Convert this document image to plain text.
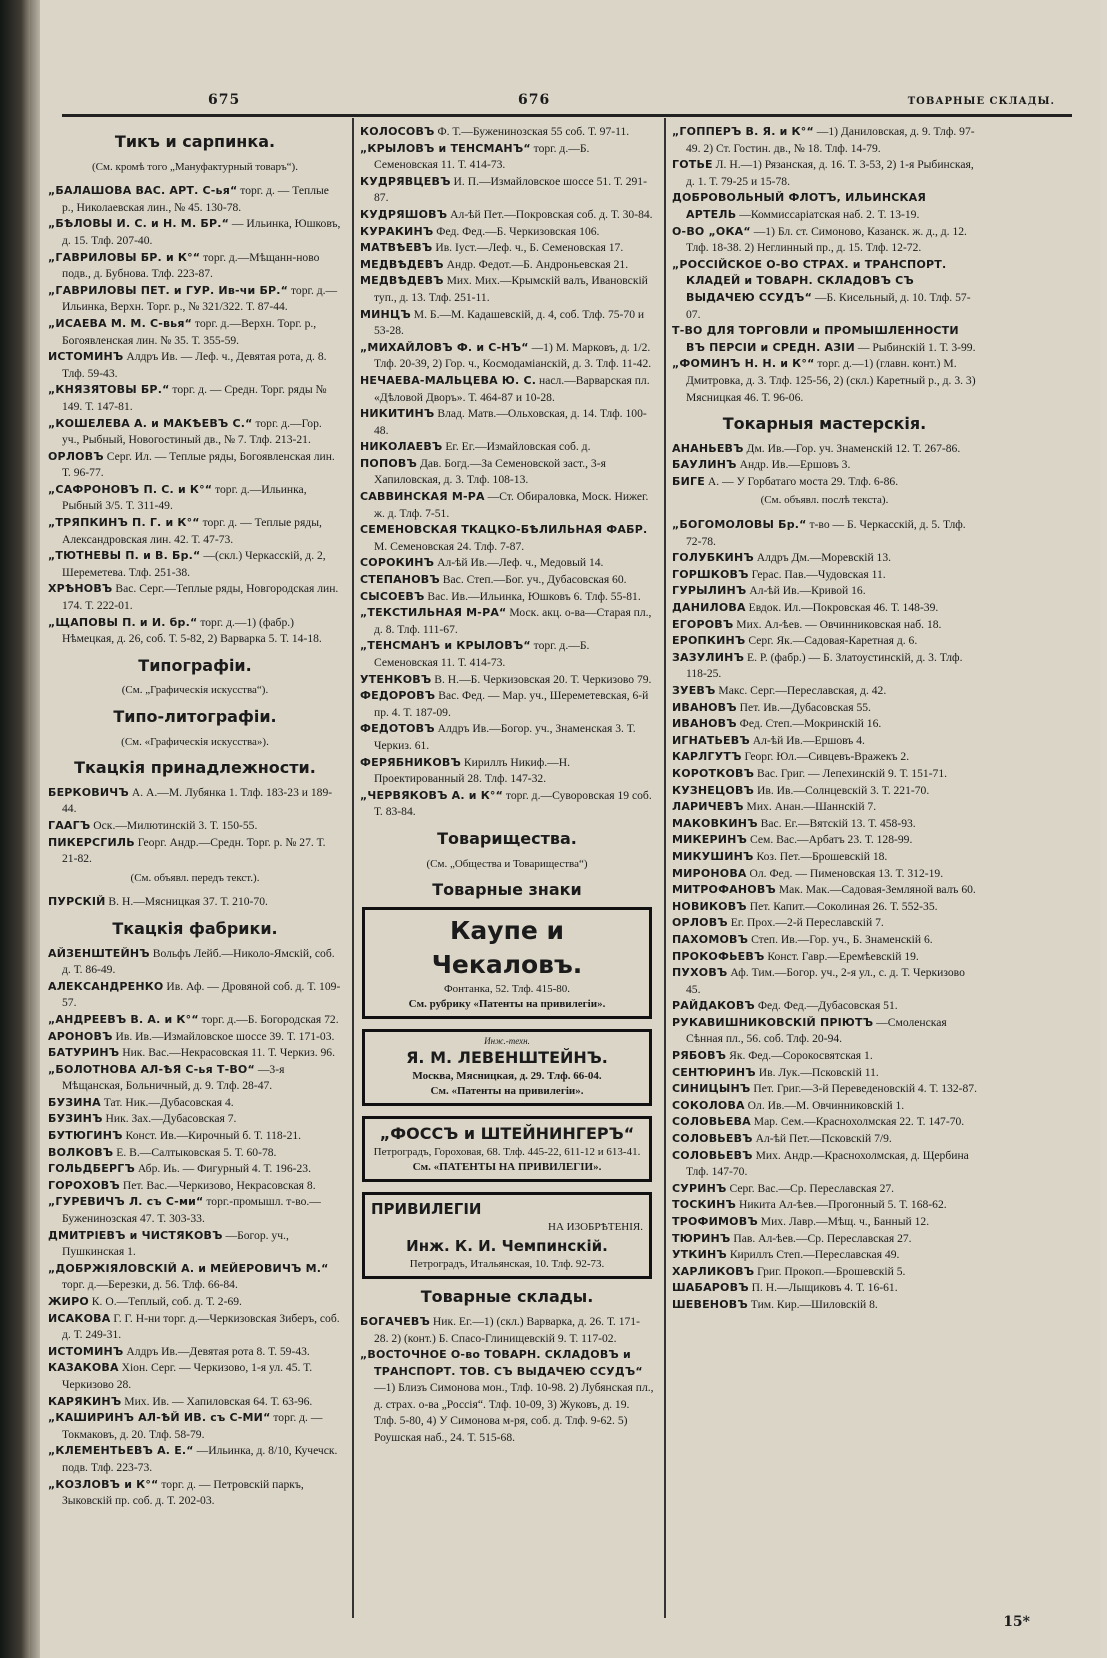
675	676	ТОВАРНЫЕ СКЛАДЫ.
Тикъ и сарпинка.
(См. кромѣ того „Мануфактурный товаръ“).

„БАЛАШОВА ВАС. АРТ. С-ья“ торг. д. — Теплые р., Николаевская лин., № 45. 130-78.

„БѢЛОВЫ И. С. и Н. М. БР.“ — Ильинка, Юшковъ, д. 15. Тлф. 207-40.

„ГАВРИЛОВЫ БР. и К°“ торг. д.—Мѣщанн-ново подв., д. Бубнова. Тлф. 223-87.

„ГАВРИЛОВЫ ПЕТ. и ГУР. Ив-чи БР.“ торг. д.—Ильинка, Верхн. Торг. р., № 321/322. Т. 87-44.

„ИСАЕВА М. М. С-вья“ торг. д.—Верхн. Торг. р., Богоявленская лин. № 35. Т. 355-59.

ИСТОМИНЪ Алдръ Ив. — Леф. ч., Девятая рота, д. 8. Тлф. 59-43.

„КНЯЗЯТОВЫ БР.“ торг. д. — Средн. Торг. ряды № 149. Т. 147-81.

„КОШЕЛЕВА А. и МАКѢЕВЪ С.“ торг. д.—Гор. уч., Рыбный, Новогостиный дв., № 7. Тлф. 213-21.

ОРЛОВЪ Серг. Ил. — Теплые ряды, Богоявленская лин. Т. 96-77.

„САФРОНОВЪ П. С. и К°“ торг. д.—Ильинка, Рыбный 3/5. Т. 311-49.

„ТРЯПКИНЪ П. Г. и К°“ торг. д. — Теплые ряды, Александровская лин. 42. Т. 47-73.

„ТЮТНЕВЫ П. и В. Бр.“ —(скл.) Черкасскій, д. 2, Шереметева. Тлф. 251-38.

ХРѢНОВЪ Вас. Серг.—Теплые ряды, Новгородская лин. 174. Т. 222-01.

„ЩАПОВЫ П. и И. бр.“ торг. д.—1) (фабр.) Нѣмецкая, д. 26, соб. Т. 5-82, 2) Варварка 5. Т. 14-18.

Типографіи.
(См. „Графическія искусства“).
Типо-литографіи.
(См. «Графическія искусства»).
Ткацкія принадлежности.

БЕРКОВИЧЪ А. А.—М. Лубянка 1. Тлф. 183-23 и 189-44.

ГААГЪ Оск.—Милютинскій 3. Т. 150-55.

ПИКЕРСГИЛЬ Георг. Андр.—Средн. Торг. р. № 27. Т. 21-82.

(См. объявл. передъ текст.).

ПУРСКІЙ В. Н.—Мясницкая 37. Т. 210-70.

Ткацкія фабрики.

АЙЗЕНШТЕЙНЪ Вольфъ Лейб.—Николо-Ямскій, соб. д. Т. 86-49.

АЛЕКСАНДРЕНКО Ив. Аф. — Дровяной соб. д. Т. 109-57.

„АНДРЕЕВЪ В. А. и К°“ торг. д.—Б. Богородская 72.

АРОНОВЪ Ив. Ив.—Измайловское шоссе 39. Т. 171-03.

БАТУРИНЪ Ник. Вас.—Некрасовская 11. Т. Черкиз. 96.

„БОЛОТНОВА АЛ-ѢЯ С-ья Т-ВО“ —3-я Мѣщанская, Больничный, д. 9. Тлф. 28-47.

БУЗИНА Тат. Ник.—Дубасовская 4.

БУЗИНЪ Ник. Зах.—Дубасовская 7.

БУТЮГИНЪ Конст. Ив.—Кирочный б. Т. 118-21.

ВОЛКОВЪ Е. В.—Салтыковская 5. Т. 60-78.

ГОЛЬДБЕРГЪ Абр. Иь. — Фигурный 4. Т. 196-23.

ГОРОХОВЪ Пет. Вас.—Черкизово, Некрасовская 8.

„ГУРЕВИЧЪ Л. съ С-ми“ торг.-промышл. т-во.—Буженинозская 47. Т. 303-33.

ДМИТРІЕВЪ и ЧИСТЯКОВЪ —Богор. уч., Пушкинская 1.

„ДОБРЖІЯЛОВСКІЙ А. и МЕЙЕРОВИЧЪ М.“ торг. д.—Березки, д. 56. Тлф. 66-84.

ЖИРО К. О.—Теплый, соб. д. Т. 2-69.

ИСАКОВА Г. Г. Н-ни торг. д.—Черкизовская Зиберъ, соб. д. Т. 249-31.

ИСТОМИНЪ Алдръ Ив.—Девятая рота 8. Т. 59-43.

КАЗАКОВА Хіон. Серг. — Черкизово, 1-я ул. 45. Т. Черкизово 28.

КАРЯКИНЪ Мих. Ив. — Хапиловская 64. Т. 63-96.

„КАШИРИНЪ АЛ-ѢЙ ИВ. съ С-МИ“ торг. д. — Токмаковъ, д. 20. Тлф. 58-79.

„КЛЕМЕНТЬЕВЪ А. Е.“ —Ильинка, д. 8/10, Кучечск. подв. Тлф. 223-73.

„КОЗЛОВЪ и К°“ торг. д. — Петровскій паркъ, Зыковскій пр. соб. д. Т. 202-03.

КОЛОСОВЪ Ф. Т.—Буженинозская 55 соб. Т. 97-11.

„КРЫЛОВЪ и ТЕНСМАНЪ“ торг. д.—Б. Семеновская 11. Т. 414-73.

КУДРЯВЦЕВЪ И. П.—Измайловское шоссе 51. Т. 291-87.

КУДРЯШОВЪ Ал-ѣй Пет.—Покровская соб. д. Т. 30-84.

КУРАКИНЪ Фед. Фед.—Б. Черкизовская 106.

МАТВѢЕВЪ Ив. Іуст.—Леф. ч., Б. Семеновская 17.

МЕДВѢДЕВЪ Андр. Федот.—Б. Андроньевская 21.

МЕДВѢДЕВЪ Мих. Мих.—Крымскій валъ, Ивановскій туп., д. 13. Тлф. 251-11.

МИНЦЪ М. Б.—М. Кадашевскій, д. 4, соб. Тлф. 75-70 и 53-28.

„МИХАЙЛОВЪ Ф. и С-НЪ“ —1) М. Марковъ, д. 1/2. Тлф. 20-39, 2) Гор. ч., Космодаміанскій, д. 3. Тлф. 11-42.

НЕЧАЕВА-МАЛЬЦЕВА Ю. С. насл.—Варварская пл. «Дѣловой Дворъ». Т. 464-87 и 10-28.

НИКИТИНЪ Влад. Матв.—Ольховская, д. 14. Тлф. 100-48.

НИКОЛАЕВЪ Ег. Ег.—Измайловская соб. д.

ПОПОВЪ Дав. Богд.—За Семеновской заст., 3-я Хапиловская, д. 3. Тлф. 108-13.

САВВИНСКАЯ М-РА —Ст. Обираловка, Моск. Нижег. ж. д. Тлф. 7-51.

СЕМЕНОВСКАЯ ТКАЦКО-БѢЛИЛЬНАЯ ФАБР. М. Семеновская 24. Тлф. 7-87.

СОРОКИНЪ Ал-ѣй Ив.—Леф. ч., Медовый 14.

СТЕПАНОВЪ Вас. Степ.—Бог. уч., Дубасовская 60.

СЫСОЕВЪ Вас. Ив.—Ильинка, Юшковъ 6. Тлф. 55-81.

„ТЕКСТИЛЬНАЯ М-РА“ Моск. акц. о-ва—Старая пл., д. 8. Тлф. 111-67.

„ТЕНСМАНЪ и КРЫЛОВЪ“ торг. д.—Б. Семеновская 11. Т. 414-73.

УТЕНКОВЪ В. Н.—Б. Черкизовская 20. Т. Черкизово 79.

ФЕДОРОВЪ Вас. Фед. — Мар. уч., Шереметевская, 6-й пр. 4. Т. 187-09.

ФЕДОТОВЪ Алдръ Ив.—Богор. уч., Знаменская 3. Т. Черкиз. 61.

ФЕРЯБНИКОВЪ Кириллъ Никиф.—Н. Проектированный 28. Тлф. 147-32.

„ЧЕРВЯКОВЪ А. и К°“ торг. д.—Суворовская 19 соб. Т. 83-84.

Товарищества.
(См. „Общества и Товарищества“)
Товарные знаки
Каупе и Чекаловъ.
Фонтанка, 52. Тлф. 415-80.
См. рубрику «Патенты на привилегіи».
Инж.-техн.
Я. М. ЛЕВЕНШТЕЙНЪ.
Москва, Мясницкая, д. 29. Тлф. 66-04.
См. «Патенты на привилегіи».
„ФОССЪ и ШТЕЙНИНГЕРЪ“
Петроградъ, Гороховая, 68. Тлф. 445-22, 611-12 и 613-41.
См. «ПАТЕНТЫ НА ПРИВИЛЕГІИ».
ПРИВИЛЕГІИ
НА ИЗОБРѢТЕНІЯ.
Инж. К. И. Чемпинскій.
Петроградъ, Итальянская, 10. Тлф. 92-73.
Товарные склады.

БОГАЧЕВЪ Ник. Ег.—1) (скл.) Варварка, д. 26. Т. 171-28. 2) (конт.) Б. Спасо-Глинищевскій 9. Т. 117-02.

„ВОСТОЧНОЕ О-во ТОВАРН. СКЛАДОВЪ и ТРАНСПОРТ. ТОВ. СЪ ВЫДАЧЕЮ ССУДЪ“ —1) Близъ Симонова мон., Тлф. 10-98. 2) Лубянская пл., д. страх. о-ва „Россія“. Тлф. 10-09, 3) Жуковъ, д. 19. Тлф. 5-80, 4) У Симонова м-ря, соб. д. Тлф. 9-62. 5) Роушская наб., 24. Т. 515-68.

„ГОППЕРЪ В. Я. и К°“ —1) Даниловская, д. 9. Тлф. 97-49. 2) Ст. Гостин. дв., № 18. Тлф. 14-79.

ГОТЬЕ Л. Н.—1) Рязанская, д. 16. Т. 3-53, 2) 1-я Рыбинская, д. 1. Т. 79-25 и 15-78.

ДОБРОВОЛЬНЫЙ ФЛОТЪ, ИЛЬИНСКАЯ АРТЕЛЬ —Коммиссаріатская наб. 2. Т. 13-19.

О-ВО „ОКА“ —1) Бл. ст. Симоново, Казанск. ж. д., д. 12. Тлф. 18-38. 2) Неглинный пр., д. 15. Тлф. 12-72.

„РОССІЙСКОЕ О-ВО СТРАХ. и ТРАНСПОРТ. КЛАДЕЙ и ТОВАРН. СКЛАДОВЪ СЪ ВЫДАЧЕЮ ССУДЪ“ —Б. Кисельный, д. 10. Тлф. 57-07.

Т-ВО ДЛЯ ТОРГОВЛИ и ПРОМЫШЛЕННОСТИ ВЪ ПЕРСІИ и СРЕДН. АЗІИ — Рыбинскій 1. Т. 3-99.

„ФОМИНЪ Н. Н. и К°“ торг. д.—1) (главн. конт.) М. Дмитровка, д. 3. Тлф. 125-56, 2) (скл.) Каретный р., д. 3. 3) Мясницкая 46. Т. 96-06.

Токарныя мастерскія.

АНАНЬЕВЪ Дм. Ив.—Гор. уч. Знаменскій 12. Т. 267-86.

БАУЛИНЪ Андр. Ив.—Ершовъ 3.

БИГЕ А. — У Горбатаго моста 29. Тлф. 6-86.

(См. объявл. послѣ текста).

„БОГОМОЛОВЫ Бр.“ т-во — Б. Черкасскій, д. 5. Тлф. 72-78.

ГОЛУБКИНЪ Алдръ Дм.—Моревскій 13.

ГОРШКОВЪ Герас. Пав.—Чудовская 11.

ГУРЫЛИНЪ Ал-ѣй Ив.—Кривой 16.

ДАНИЛОВА Евдок. Ил.—Покровская 46. Т. 148-39.

ЕГОРОВЪ Мих. Ал-ѣев. — Овчинниковская наб. 18.

ЕРОПКИНЪ Серг. Як.—Садовая-Каретная д. 6.

ЗАЗУЛИНЪ Е. Р. (фабр.) — Б. Златоустинскій, д. 3. Тлф. 118-25.

ЗУЕВЪ Макс. Серг.—Переславская, д. 42.

ИВАНОВЪ Пет. Ив.—Дубасовская 55.

ИВАНОВЪ Фед. Степ.—Мокринскій 16.

ИГНАТЬЕВЪ Ал-ѣй Ив.—Ершовъ 4.

КАРЛГУТЪ Георг. Юл.—Сивцевъ-Вражекъ 2.

КОРОТКОВЪ Вас. Григ. — Лепехинскій 9. Т. 151-71.

КУЗНЕЦОВЪ Ив. Ив.—Солнцевскій 3. Т. 221-70.

ЛАРИЧЕВЪ Мих. Анан.—Шаннскій 7.

МАКОВКИНЪ Вас. Ег.—Вятскій 13. Т. 458-93.

МИКЕРИНЪ Сем. Вас.—Арбатъ 23. Т. 128-99.

МИКУШИНЪ Коз. Пет.—Брошевскій 18.

МИРОНОВА Ол. Фед. — Пименовская 13. Т. 312-19.

МИТРОФАНОВЪ Мак. Мак.—Садовая-Земляной валъ 60.

НОВИКОВЪ Пет. Капит.—Соколиная 26. Т. 552-35.

ОРЛОВЪ Ег. Прох.—2-й Переславскій 7.

ПАХОМОВЪ Степ. Ив.—Гор. уч., Б. Знаменскій 6.

ПРОКОФЬЕВЪ Конст. Гавр.—Еремѣевскій 19.

ПУХОВЪ Аф. Тим.—Богор. уч., 2-я ул., с. д. Т. Черкизово 45.

РАЙДАКОВЪ Фед. Фед.—Дубасовская 51.

РУКАВИШНИКОВСКІЙ ПРІЮТЪ —Смоленская Сѣнная пл., 56. соб. Тлф. 20-94.

РЯБОВЪ Як. Фед.—Сорокосвятская 1.

СЕНТЮРИНЪ Ив. Лук.—Псковскій 11.

СИНИЦЫНЪ Пет. Григ.—3-й Переведеновскій 4. Т. 132-87.

СОКОЛОВА Ол. Ив.—М. Овчинниковскій 1.

СОЛОВЬЕВА Мар. Сем.—Краснохолмская 22. Т. 147-70.

СОЛОВЬЕВЪ Ал-ѣй Пет.—Псковскій 7/9.

СОЛОВЬЕВЪ Мих. Андр.—Краснохолмская, д. Щербина Тлф. 147-70.

СУРИНЪ Серг. Вас.—Ср. Переславская 27.

ТОСКИНЪ Никита Ал-ѣев.—Прогонный 5. Т. 168-62.

ТРОФИМОВЪ Мих. Лавр.—Мѣщ. ч., Банный 12.

ТЮРИНЪ Пав. Ал-ѣев.—Ср. Переславская 27.

УТКИНЪ Кириллъ Степ.—Переславская 49.

ХАРЛИКОВЪ Григ. Прокоп.—Брошевскій 5.

ШАБАРОВЪ П. Н.—Лыщиковъ 4. Т. 16-61.

ШЕВЕНОВЪ Тим. Кир.—Шиловскій 8.

15*
